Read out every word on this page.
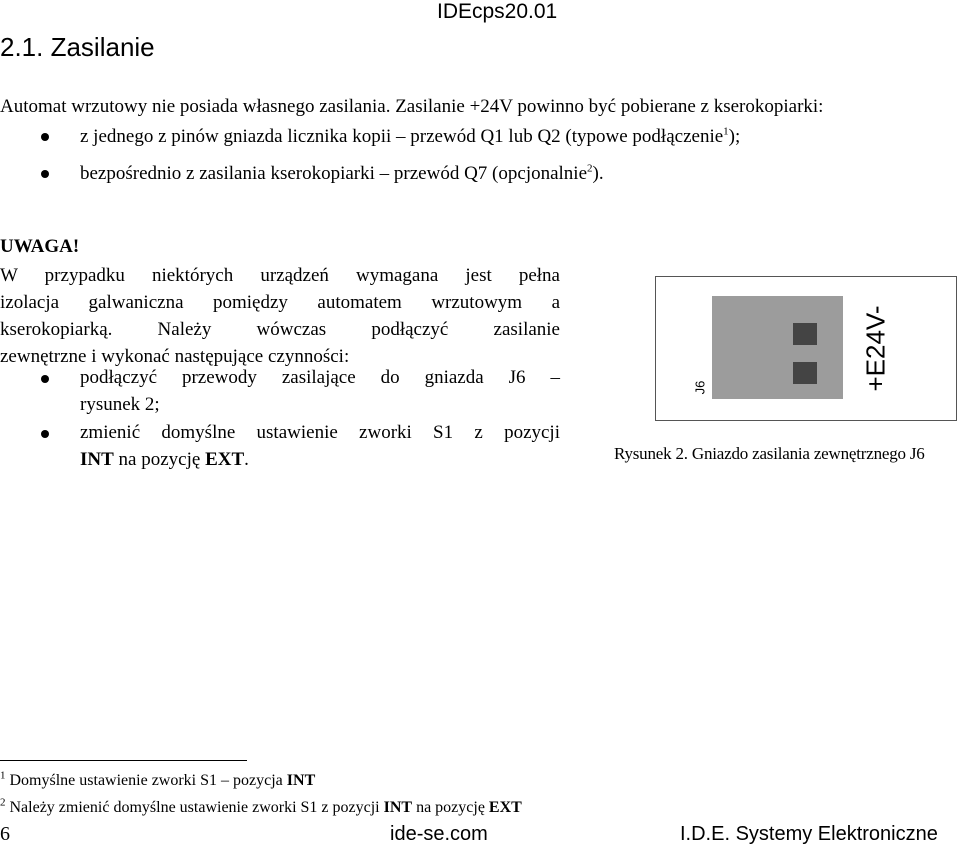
IDEcps20.01
2.1. Zasilanie
Automat wrzutowy nie posiada własnego zasilania. Zasilanie +24V powinno być pobierane z kserokopiarki:
z jednego z pinów gniazda licznika kopii – przewód Q1 lub Q2 (typowe podłączenie$^1$);
bezpośrednio z zasilania kserokopiarki – przewód Q7 (opcjonalnie$^2$).
UWAGA!
W przypadku niektórych urządzeń wymagana jest pełna
izolacja galwaniczna pomiędzy automatem wrzutowym a
kserokopiarką. Należy wówczas podłączyć zasilanie
zewnętrzne i wykonać następujące czynności:
podłączyć przewody zasilające do gniazda J6 –
rysunek 2;
zmienić domyślne ustawienie zworki S1 z pozycji
INT na pozycję EXT.
J6	+E24V-
Rysunek 2. Gniazdo zasilania zewnętrznego J6
$^1$ Domyślne ustawienie zworki S1 – pozycja INT
$^2$ Należy zmienić domyślne ustawienie zworki S1 z pozycji INT na pozycję EXT
6	ide-se.com	I.D.E. Systemy Elektroniczne
